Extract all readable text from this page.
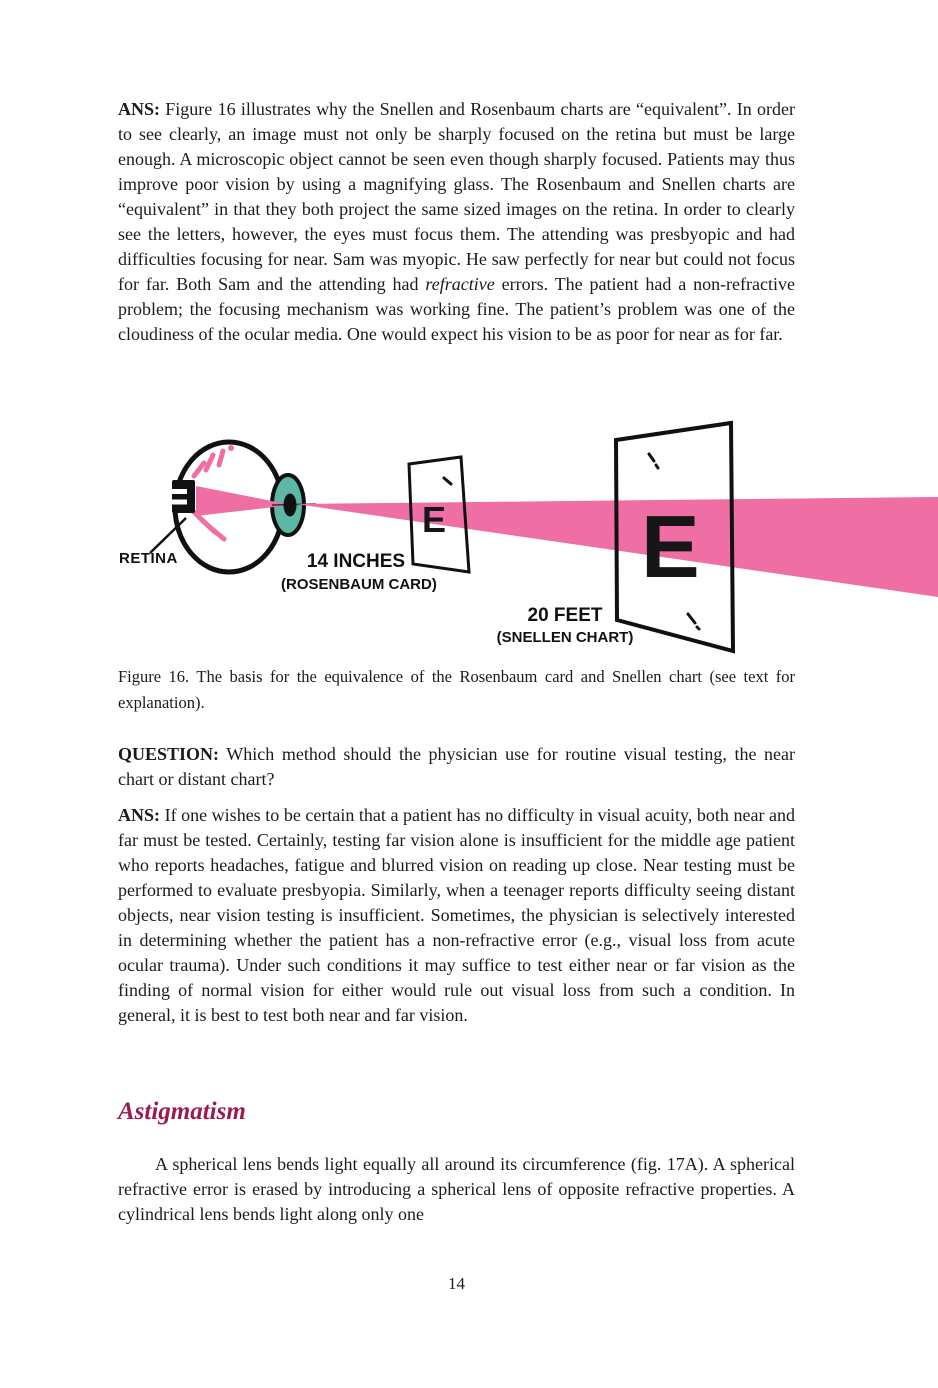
ANS: Figure 16 illustrates why the Snellen and Rosenbaum charts are “equivalent”. In order to see clearly, an image must not only be sharply focused on the retina but must be large enough. A microscopic object cannot be seen even though sharply focused. Patients may thus improve poor vision by using a magnifying glass. The Rosenbaum and Snellen charts are “equivalent” in that they both project the same sized images on the retina. In order to clearly see the letters, however, the eyes must focus them. The attending was presbyopic and had difficulties focusing for near. Sam was myopic. He saw perfectly for near but could not focus for far. Both Sam and the attending had refractive errors. The patient had a non-refractive problem; the focusing mechanism was working fine. The patient’s problem was one of the cloudiness of the ocular media. One would expect his vision to be as poor for near as for far.
E E
RETINA	14 INCHES
(ROSENBAUM CARD)
20 FEET
(SNELLEN CHART)
Figure 16. The basis for the equivalence of the Rosenbaum card and Snellen chart (see text for explanation).
QUESTION: Which method should the physician use for routine visual testing, the near chart or distant chart?
ANS: If one wishes to be certain that a patient has no difficulty in visual acuity, both near and far must be tested. Certainly, testing far vision alone is insufficient for the middle age patient who reports headaches, fatigue and blurred vision on reading up close. Near testing must be performed to evaluate presbyopia. Similarly, when a teenager reports difficulty seeing distant objects, near vision testing is insufficient. Sometimes, the physician is selectively interested in determining whether the patient has a non-refractive error (e.g., visual loss from acute ocular trauma). Under such conditions it may suffice to test either near or far vision as the finding of normal vision for either would rule out visual loss from such a condition. In general, it is best to test both near and far vision.
Astigmatism
A spherical lens bends light equally all around its circumference (fig. 17A). A spherical refractive error is erased by introducing a spherical lens of opposite refractive properties. A cylindrical lens bends light along only one
14
